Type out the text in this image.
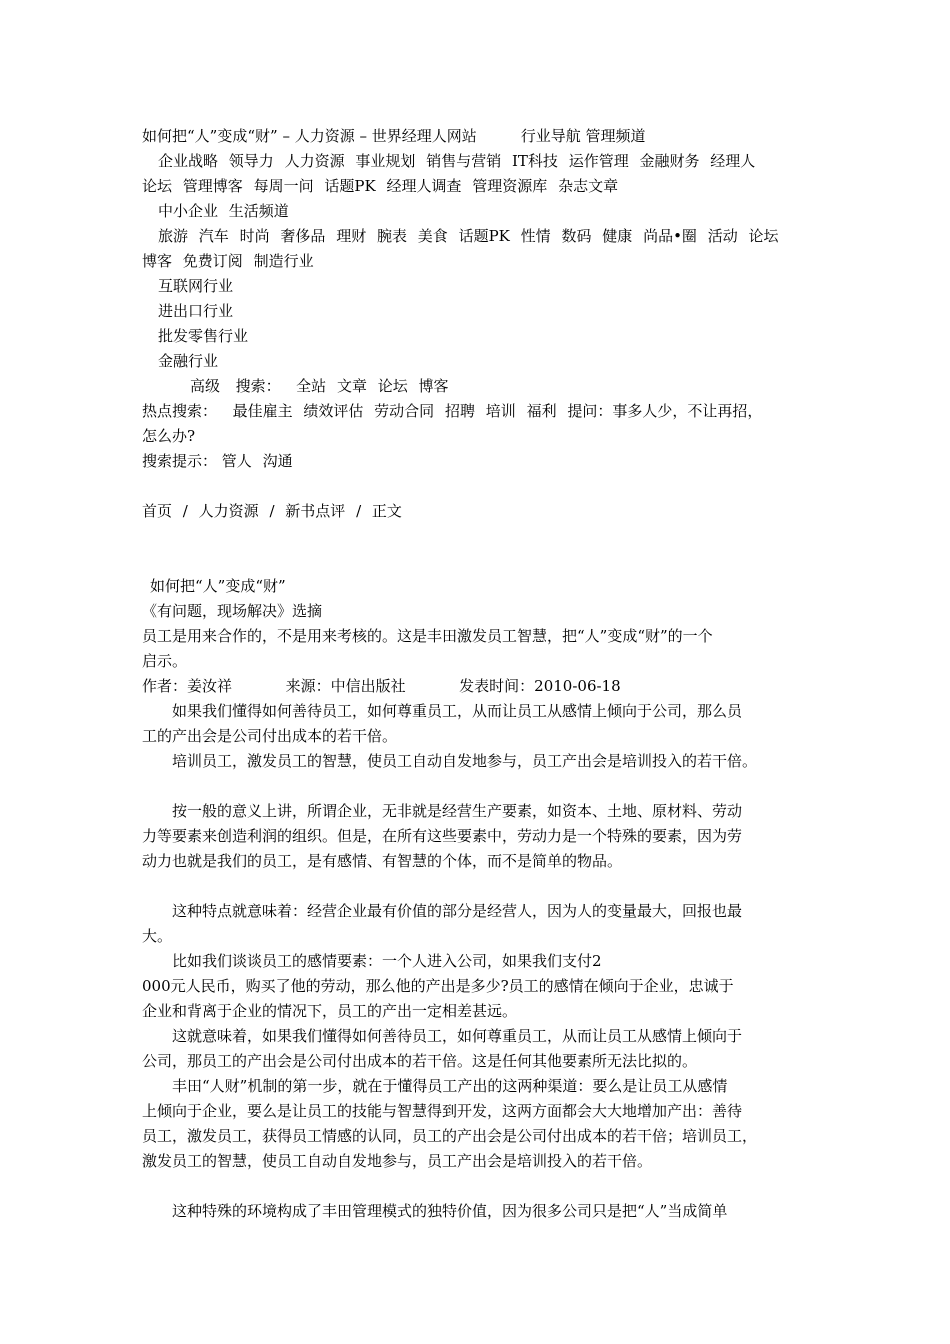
如何把“人”变成“财” – 人力资源 – 世界经理人网站	行业导航 管理频道
企业战略 领导力 人力资源 事业规划 销售与营销 IT科技 运作管理 金融财务 经理人
论坛 管理博客 每周一问 话题PK 经理人调查 管理资源库 杂志文章
中小企业 生活频道
旅游 汽车 时尚 奢侈品 理财 腕表 美食 话题PK 性情 数码 健康 尚品•圈 活动 论坛
博客 免费订阅 制造行业
互联网行业
进出口行业
批发零售行业
金融行业
高级 搜索： 全站 文章 论坛 博客
热点搜索： 最佳雇主 绩效评估 劳动合同 招聘 培训 福利 提问：事多人少，不让再招，
怎么办?
搜索提示： 管人 沟通
首页 / 人力资源 / 新书点评 / 正文
如何把“人”变成“财”
《有问题，现场解决》选摘
员工是用来合作的，不是用来考核的。这是丰田激发员工智慧，把“人”变成“财”的一个
启示。
作者：姜汝祥	来源：中信出版社	发表时间：2010-06-18
如果我们懂得如何善待员工，如何尊重员工，从而让员工从感情上倾向于公司，那么员
工的产出会是公司付出成本的若干倍。
培训员工，激发员工的智慧，使员工自动自发地参与，员工产出会是培训投入的若干倍。
按一般的意义上讲，所谓企业，无非就是经营生产要素，如资本、土地、原材料、劳动
力等要素来创造利润的组织。但是，在所有这些要素中，劳动力是一个特殊的要素，因为劳
动力也就是我们的员工，是有感情、有智慧的个体，而不是简单的物品。
这种特点就意味着：经营企业最有价值的部分是经营人，因为人的变量最大，回报也最
大。
比如我们谈谈员工的感情要素：一个人进入公司，如果我们支付2
000元人民币，购买了他的劳动，那么他的产出是多少?员工的感情在倾向于企业，忠诚于
企业和背离于企业的情况下，员工的产出一定相差甚远。
这就意味着，如果我们懂得如何善待员工，如何尊重员工，从而让员工从感情上倾向于
公司，那员工的产出会是公司付出成本的若干倍。这是任何其他要素所无法比拟的。
丰田“人财”机制的第一步，就在于懂得员工产出的这两种渠道：要么是让员工从感情
上倾向于企业，要么是让员工的技能与智慧得到开发，这两方面都会大大地增加产出：善待
员工，激发员工，获得员工情感的认同，员工的产出会是公司付出成本的若干倍；培训员工，
激发员工的智慧，使员工自动自发地参与，员工产出会是培训投入的若干倍。
这种特殊的环境构成了丰田管理模式的独特价值，因为很多公司只是把“人”当成简单
